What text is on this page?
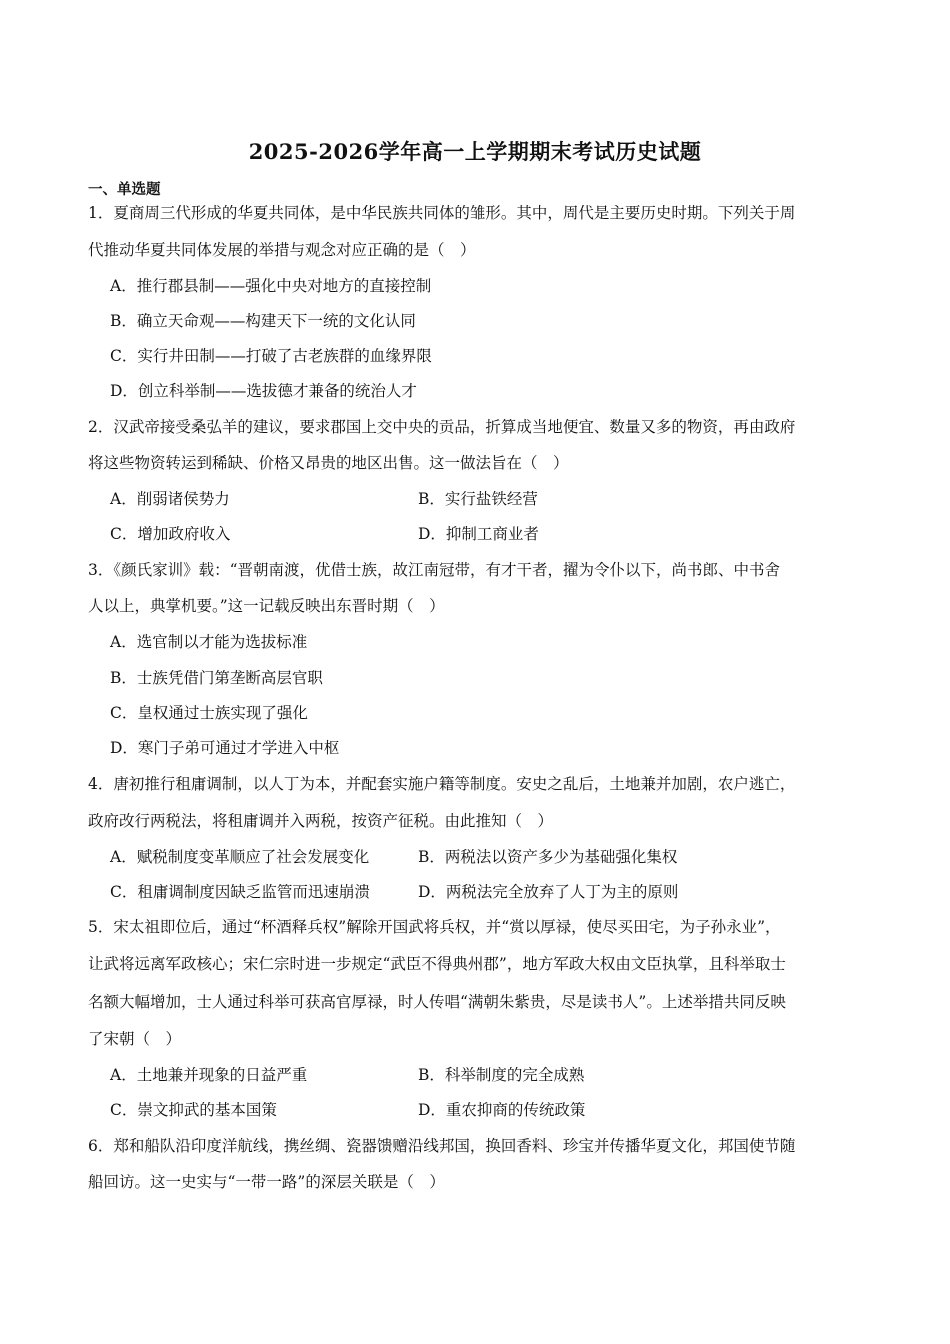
2025-2026学年高一上学期期末考试历史试题
一、单选题
1．夏商周三代形成的华夏共同体，是中华民族共同体的雏形。其中，周代是主要历史时期。下列关于周
代推动华夏共同体发展的举措与观念对应正确的是（　）
A．推行郡县制——强化中央对地方的直接控制
B．确立天命观——构建天下一统的文化认同
C．实行井田制——打破了古老族群的血缘界限
D．创立科举制——选拔德才兼备的统治人才
2．汉武帝接受桑弘羊的建议，要求郡国上交中央的贡品，折算成当地便宜、数量又多的物资，再由政府
将这些物资转运到稀缺、价格又昂贵的地区出售。这一做法旨在（　）
A．削弱诸侯势力	B．实行盐铁经营
C．增加政府收入	D．抑制工商业者
3．《颜氏家训》载：“晋朝南渡，优借士族，故江南冠带，有才干者，擢为令仆以下，尚书郎、中书舍
人以上，典掌机要。”这一记载反映出东晋时期（　）
A．选官制以才能为选拔标准
B．士族凭借门第垄断高层官职
C．皇权通过士族实现了强化
D．寒门子弟可通过才学进入中枢
4．唐初推行租庸调制，以人丁为本，并配套实施户籍等制度。安史之乱后，土地兼并加剧，农户逃亡，
政府改行两税法，将租庸调并入两税，按资产征税。由此推知（　）
A．赋税制度变革顺应了社会发展变化	B．两税法以资产多少为基础强化集权
C．租庸调制度因缺乏监管而迅速崩溃	D．两税法完全放弃了人丁为主的原则
5．宋太祖即位后，通过“杯酒释兵权”解除开国武将兵权，并“赏以厚禄，使尽买田宅，为子孙永业”，
让武将远离军政核心；宋仁宗时进一步规定“武臣不得典州郡”，地方军政大权由文臣执掌，且科举取士
名额大幅增加，士人通过科举可获高官厚禄，时人传唱“满朝朱紫贵，尽是读书人”。上述举措共同反映
了宋朝（　）
A．土地兼并现象的日益严重	B．科举制度的完全成熟
C．崇文抑武的基本国策	D．重农抑商的传统政策
6．郑和船队沿印度洋航线，携丝绸、瓷器馈赠沿线邦国，换回香料、珍宝并传播华夏文化，邦国使节随
船回访。这一史实与“一带一路”的深层关联是（　）
